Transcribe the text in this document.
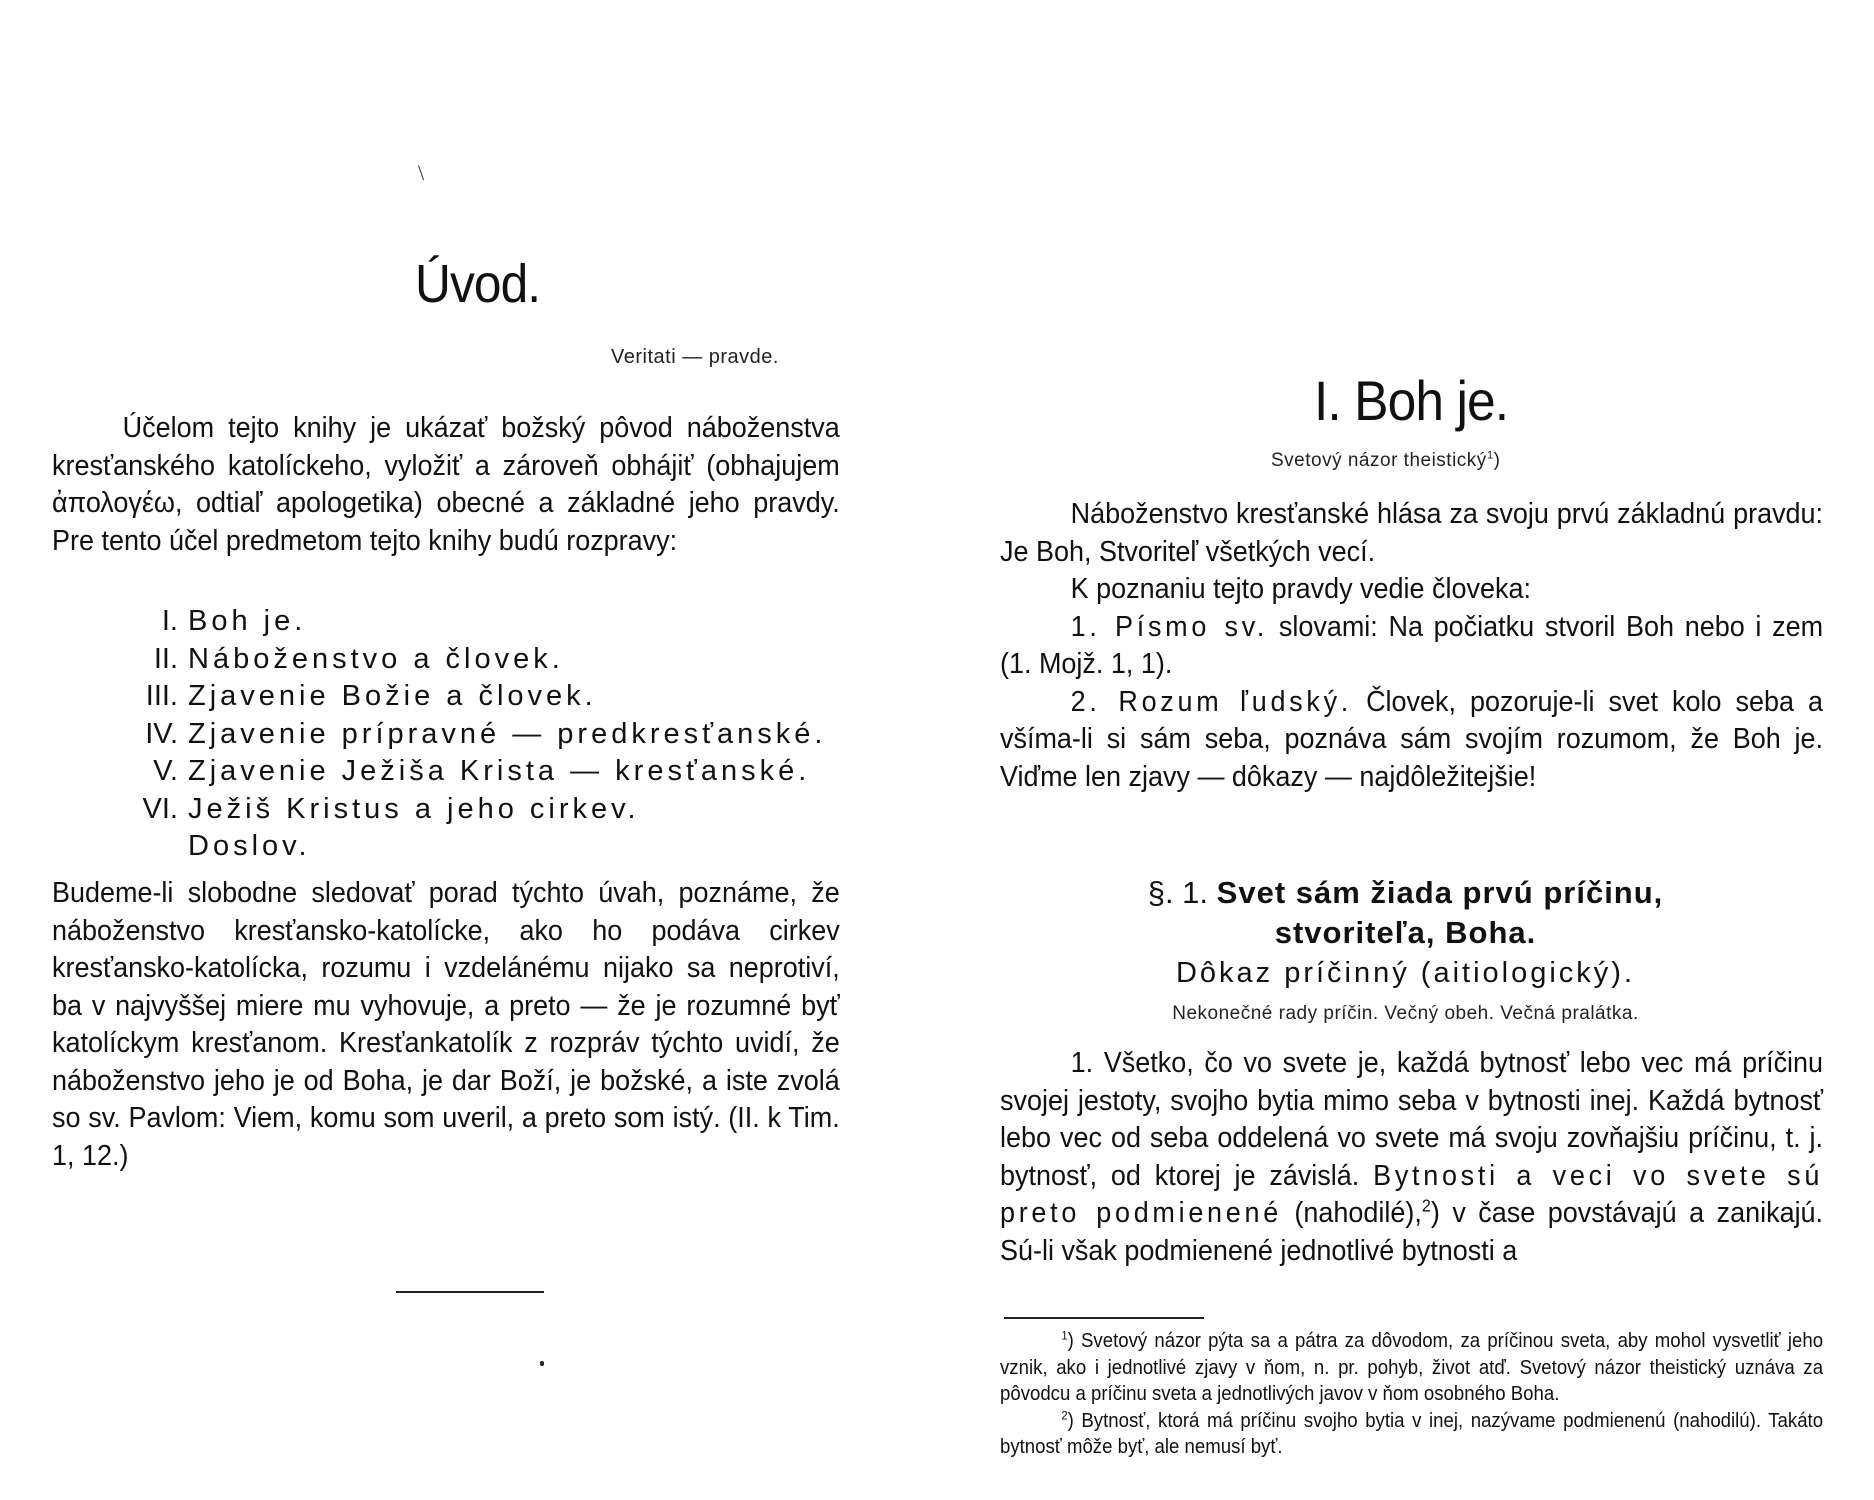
\
Úvod.
Veritati — pravde.

Účelom tejto knihy je ukázať božský pôvod náboženstva kresťanského katolíckeho, vyložiť a zároveň obhájiť (obhajujem ἀπολογέω, odtiaľ apologetika) obecné a základné jeho pravdy. Pre tento účel predmetom tejto knihy budú rozpravy:

I. Boh je.
II. Náboženstvo a človek.
III. Zjavenie Božie a človek.
IV. Zjavenie prípravné — predkresťanské.
V. Zjavenie Ježiša Krista — kresťanské.
VI. Ježiš Kristus a jeho cirkev.
Doslov.

Budeme-li slobodne sledovať porad týchto úvah, poznáme, že náboženstvo kresťansko-katolícke, ako ho podáva cirkev kresťansko-katolícka, rozumu i vzdelánému nijako sa neprotiví, ba v najvyššej miere mu vyhovuje, a preto — že je rozumné byť katolíckym kresťanom. Kresťankatolík z rozpráv týchto uvidí, že náboženstvo jeho je od Boha, je dar Boží, je božské, a iste zvolá so sv. Pavlom: Viem, komu som uveril, a preto som istý. (II. k Tim. 1, 12.)

I. Boh je.
Svetový názor theistický$^1$)

Náboženstvo kresťanské hlása za svoju prvú základnú pravdu: Je Boh, Stvoriteľ všetkých vecí.

K poznaniu tejto pravdy vedie človeka:

1. Písmo sv. slovami: Na počiatku stvoril Boh nebo i zem (1. Mojž. 1, 1).

2. Rozum ľudský. Človek, pozoruje-li svet kolo seba a všíma-li si sám seba, poznáva sám svojím rozumom, že Boh je. Viďme len zjavy — dôkazy — najdôležitejšie!

§. 1. Svet sám žiada prvú príčinu,
stvoriteľa, Boha.
Dôkaz príčinný (aitiologický).
Nekonečné rady príčin. Večný obeh. Večná pralátka.

1. Všetko, čo vo svete je, každá bytnosť lebo vec má príčinu svojej jestoty, svojho bytia mimo seba v bytnosti inej. Každá bytnosť lebo vec od seba oddelená vo svete má svoju zovňajšiu príčinu, t. j. bytnosť, od ktorej je závislá. Bytnosti a veci vo svete sú preto podmienené (nahodilé),$^2$) v čase povstávajú a zanikajú. Sú-li však podmienené jednotlivé bytnosti a

$^1$) Svetový názor pýta sa a pátra za dôvodom, za príčinou sveta, aby mohol vysvetliť jeho vznik, ako i jednotlivé zjavy v ňom, n. pr. pohyb, život atď. Svetový názor theistický uznáva za pôvodcu a príčinu sveta a jednotlivých javov v ňom osobného Boha.

$^2$) Bytnosť, ktorá má príčinu svojho bytia v inej, nazývame podmienenú (nahodilú). Takáto bytnosť môže byť, ale nemusí byť.
